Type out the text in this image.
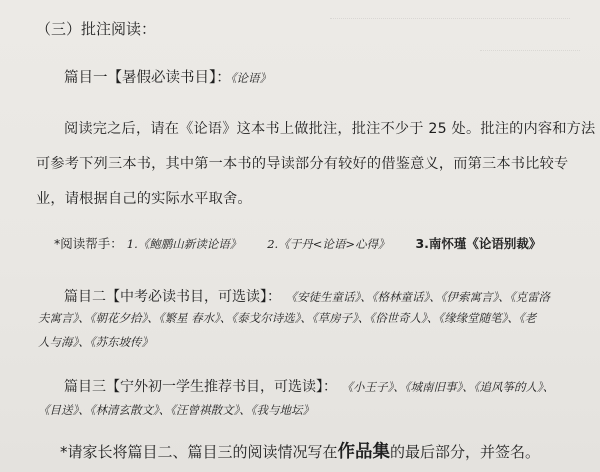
（三）批注阅读：
篇目一【暑假必读书目】：《论语》
阅读完之后，请在《论语》这本书上做批注，批注不少于 25 处。批注的内容和方法
可参考下列三本书，其中第一本书的导读部分有较好的借鉴意义，而第三本书比较专
业，请根据自己的实际水平取舍。
*阅读帮手： 1.《鲍鹏山新读论语》 2.《于丹<论语>心得》 3.南怀瑾《论语别裁》
篇目二【中考必读书目，可选读】： 《安徒生童话》、《格林童话》、《伊索寓言》、《克雷洛
夫寓言》、《朝花夕拾》、《繁星 春水》、《泰戈尔诗选》、《草房子》、《俗世奇人》、《缘缘堂随笔》、《老
人与海》、《苏东坡传》
篇目三【宁外初一学生推荐书目，可选读】： 《小王子》、《城南旧事》、《追风筝的人》、
《目送》、《林清玄散文》、《汪曾祺散文》、《我与地坛》
*请家长将篇目二、篇目三的阅读情况写在作品集的最后部分，并签名。
